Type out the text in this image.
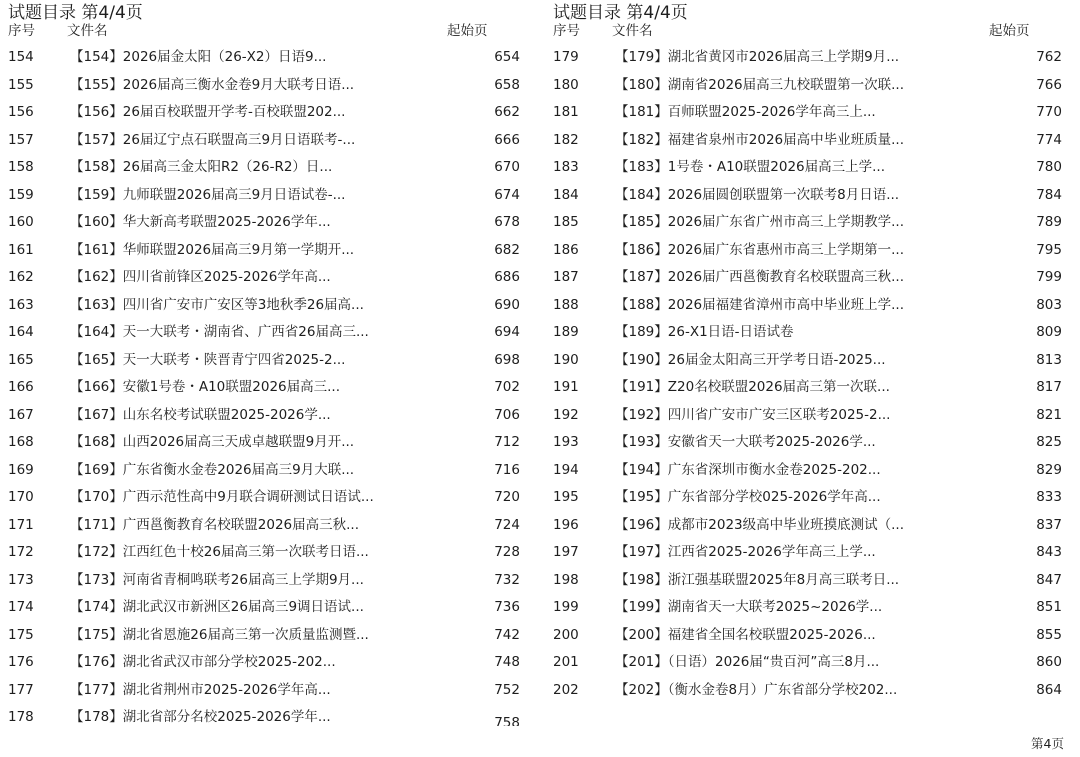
试题目录 第4/4页
序号 文件名	起始页
154	【154】2026届金太阳（26-X2）日语9...	654
155	【155】2026届高三衡水金卷9月大联考日语...	658
156	【156】26届百校联盟开学考-百校联盟202...	662
157	【157】26届辽宁点石联盟高三9月日语联考-...	666
158	【158】26届高三金太阳R2（26-R2）日...	670
159	【159】九师联盟2026届高三9月日语试卷-...	674
160	【160】华大新高考联盟2025-2026学年...	678
161	【161】华师联盟2026届高三9月第一学期开...	682
162	【162】四川省前锋区2025-2026学年高...	686
163	【163】四川省广安市广安区等3地秋季26届高...	690
164	【164】天一大联考・湖南省、广西省26届高三...	694
165	【165】天一大联考・陕晋青宁四省2025-2...	698
166	【166】安徽1号卷・A10联盟2026届高三...	702
167	【167】山东名校考试联盟2025-2026学...	706
168	【168】山西2026届高三天成卓越联盟9月开...	712
169	【169】广东省衡水金卷2026届高三9月大联...	716
170	【170】广西示范性高中9月联合调研测试日语试...	720
171	【171】广西邕衡教育名校联盟2026届高三秋...	724
172	【172】江西红色十校26届高三第一次联考日语...	728
173	【173】河南省青桐鸣联考26届高三上学期9月...	732
174	【174】湖北武汉市新洲区26届高三9调日语试...	736
175	【175】湖北省恩施26届高三第一次质量监测暨...	742
176	【176】湖北省武汉市部分学校2025-202...	748
177	【177】湖北省荆州市2025-2026学年高...	752
178	【178】湖北省部分名校2025-2026学年...	758
试题目录 第4/4页
序号 文件名	起始页
179	【179】湖北省黄冈市2026届高三上学期9月...	762
180	【180】湖南省2026届高三九校联盟第一次联...	766
181	【181】百师联盟2025-2026学年高三上...	770
182	【182】福建省泉州市2026届高中毕业班质量...	774
183	【183】1号卷・A10联盟2026届高三上学...	780
184	【184】2026届圆创联盟第一次联考8月日语...	784
185	【185】2026届广东省广州市高三上学期教学...	789
186	【186】2026届广东省惠州市高三上学期第一...	795
187	【187】2026届广西邕衡教育名校联盟高三秋...	799
188	【188】2026届福建省漳州市高中毕业班上学...	803
189	【189】26-X1日语-日语试卷	809
190	【190】26届金太阳高三开学考日语-2025...	813
191	【191】Z20名校联盟2026届高三第一次联...	817
192	【192】四川省广安市广安三区联考2025-2...	821
193	【193】安徽省天一大联考2025-2026学...	825
194	【194】广东省深圳市衡水金卷2025-202...	829
195	【195】广东省部分学校025-2026学年高...	833
196	【196】成都市2023级高中毕业班摸底测试（...	837
197	【197】江西省2025-2026学年高三上学...	843
198	【198】浙江强基联盟2025年8月高三联考日...	847
199	【199】湖南省天一大联考2025~2026学...	851
200	【200】福建省全国名校联盟2025-2026...	855
201	【201】（日语）2026届“贵百河”高三8月...	860
202	【202】（衡水金卷8月）广东省部分学校202...	864
第4页
